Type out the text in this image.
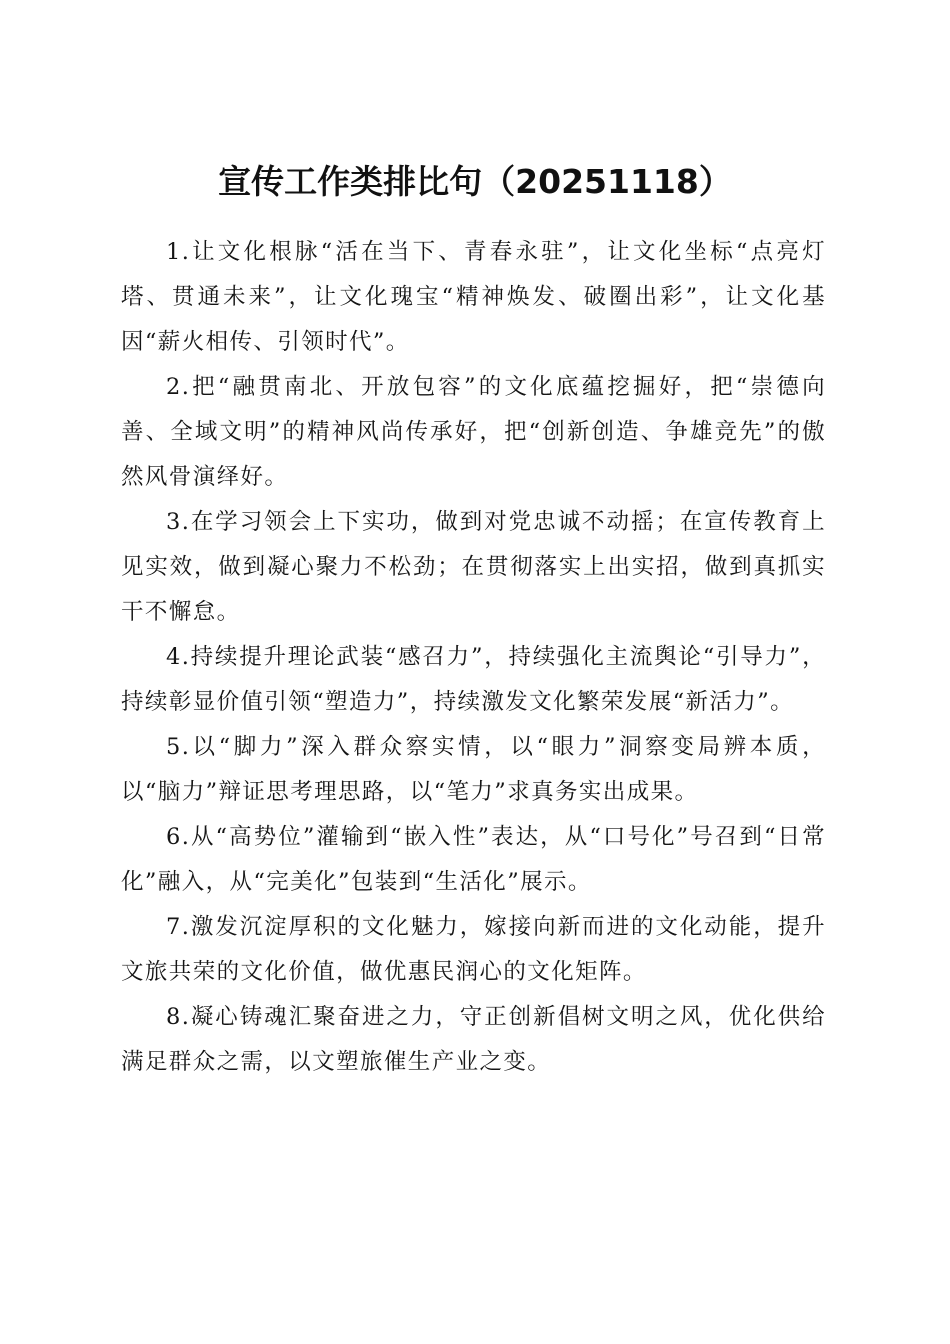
宣传工作类排比句（20251118）

1.让文化根脉“活在当下、青春永驻”，让文化坐标“点亮灯塔、贯通未来”，让文化瑰宝“精神焕发、破圈出彩”，让文化基因“薪火相传、引领时代”。

2.把“融贯南北、开放包容”的文化底蕴挖掘好，把“崇德向善、全域文明”的精神风尚传承好，把“创新创造、争雄竞先”的傲然风骨演绎好。

3.在学习领会上下实功，做到对党忠诚不动摇；在宣传教育上见实效，做到凝心聚力不松劲；在贯彻落实上出实招，做到真抓实干不懈怠。

4.持续提升理论武装“感召力”，持续强化主流舆论“引导力”，持续彰显价值引领“塑造力”，持续激发文化繁荣发展“新活力”。

5.以“脚力”深入群众察实情，以“眼力”洞察变局辨本质，以“脑力”辩证思考理思路，以“笔力”求真务实出成果。

6.从“高势位”灌输到“嵌入性”表达，从“口号化”号召到“日常化”融入，从“完美化”包装到“生活化”展示。

7.激发沉淀厚积的文化魅力，嫁接向新而进的文化动能，提升文旅共荣的文化价值，做优惠民润心的文化矩阵。

8.凝心铸魂汇聚奋进之力，守正创新倡树文明之风，优化供给满足群众之需，以文塑旅催生产业之变。
